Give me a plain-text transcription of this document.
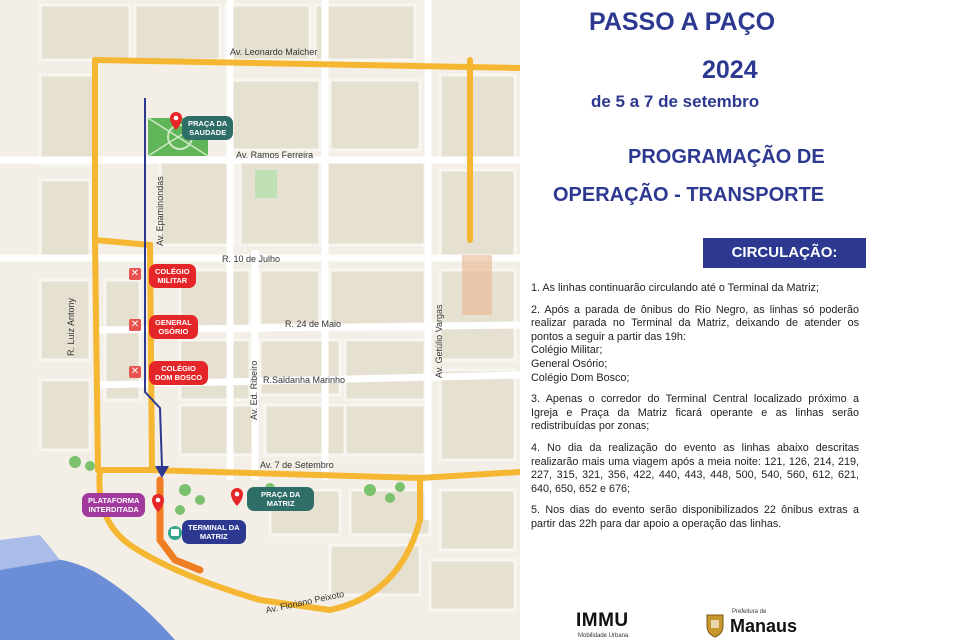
Av. Leonardo Malcher
Av. Ramos Ferreira
Av. Epaminondas
R. 10 de Julho
R. Luiz Antony	R. 24 de Maio
R.Saldanha Marinho
Av. Ed. Ribeiro
Av. Getúlio Vargas
Av. 7 de Setembro
Av. Floriano Peixoto
PRAÇA DA
SAUDADE
✕	COLÉGIO
MILITAR
✕	GENERAL
OSÓRIO
✕	COLÉGIO
DOM BOSCO
PLATAFORMA
INTERDITADA
PRAÇA DA
MATRIZ
TERMINAL DA
MATRIZ
PASSO A PAÇO
2024
de 5 a 7 de setembro
PROGRAMAÇÃO DE
OPERAÇÃO - TRANSPORTE
CIRCULAÇÃO:

1. As linhas continuarão circulando até o Terminal da Matriz;

2. Após a parada de ônibus do Rio Negro, as linhas só poderão realizar parada no Terminal da Matriz, deixando de atender os pontos a seguir a partir das 19h:
Colégio Militar;
General Osório;
Colégio Dom Bosco;

3. Apenas o corredor do Terminal Central localizado próximo a Igreja e Praça da Matriz ficará operante e as linhas serão redistribuídas por zonas;

4. No dia da realização do evento as linhas abaixo descritas realizarão mais uma viagem após a meia noite: 121, 126, 214, 219, 227, 315, 321, 356, 422, 440, 443, 448, 500, 540, 560, 612, 621, 640, 650, 652 e 676;

5. Nos dias do evento serão disponibilizados 22 ônibus extras a partir das 22h para dar apoio a operação das linhas.

IMMU
Mobilidade Urbana
Prefeitura de
Manaus
